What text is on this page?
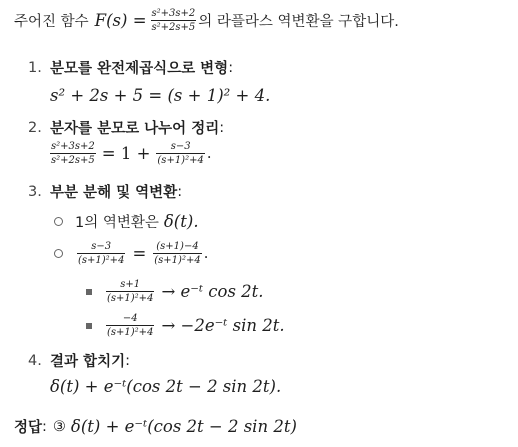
주어진 함수 $F(s) = \frac{\text{s²+3s+2}}{\text{s²+2s+5}}$ 의 라플라스 역변환을 구합니다.
1. 분모를 완전제곱식으로 변형 :
s² + 2s + 5 = (s + 1)² + 4.
2. 분자를 분모로 나누어 정리 :
$\frac{\text{s²+3s+2}}{\text{s²+2s+5}} = 1 + \frac{s-3}{\text{(s+1)²+4}}$ .
3. 부분 분해 및 역변환 :
1의 역변환은 δ(t).
$\frac{s-3}{\text{(s+1)²+4}} = \frac{(s+1)-4}{\text{(s+1)²+4}}$ .
$\frac{s+1}{\text{(s+1)²+4}}$ → e⁻ᵗ cos 2t.
$\frac{-4}{\text{(s+1)²+4}}$ → −2e⁻ᵗ sin 2t.
4. 결과 합치기 :
δ(t) + e⁻ᵗ(cos 2t − 2 sin 2t).
정답 : ③ δ(t) + e⁻ᵗ(cos 2t − 2 sin 2t)
